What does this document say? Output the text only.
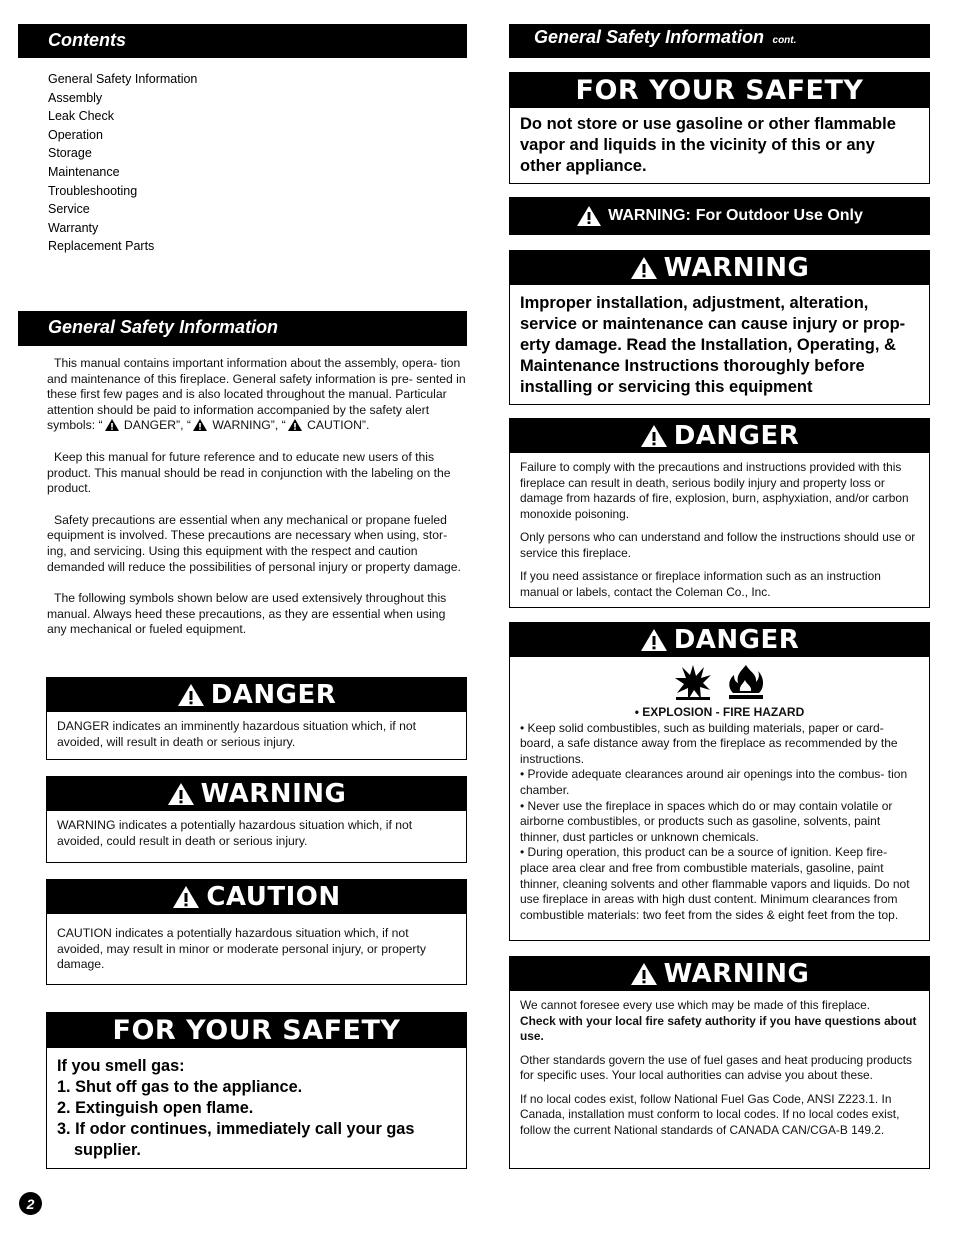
Contents
General Safety Information
Assembly
Leak Check
Operation
Storage
Maintenance
Troubleshooting
Service
Warranty
Replacement Parts
General Safety Information

This manual contains important information about the assembly, opera- tion and maintenance of this fireplace. General safety information is pre- sented in these first few pages and is also located throughout the manual. Particular attention should be paid to information accompanied by the safety alert symbols: “ DANGER”, “ WARNING”, “ CAUTION”.

Keep this manual for future reference and to educate new users of this product. This manual should be read in conjunction with the labeling on the product.

Safety precautions are essential when any mechanical or propane fueled equipment is involved. These precautions are necessary when using, stor- ing, and servicing. Using this equipment with the respect and caution demanded will reduce the possibilities of personal injury or property damage.

The following symbols shown below are used extensively throughout this manual. Always heed these precautions, as they are essential when using any mechanical or fueled equipment.

DANGER
DANGER indicates an imminently hazardous situation which, if not avoided, will result in death or serious injury.
WARNING
WARNING indicates a potentially hazardous situation which, if not avoided, could result in death or serious injury.
CAUTION
CAUTION indicates a potentially hazardous situation which, if not avoided, may result in minor or moderate personal injury, or property damage.
FOR YOUR SAFETY
If you smell gas:
1. Shut off gas to the appliance.
2. Extinguish open flame.
3. If odor continues, immediately call your gas
supplier.
2
General Safety Information cont.
FOR YOUR SAFETY
Do not store or use gasoline or other flammable vapor and liquids in the vicinity of this or any other appliance.
WARNING: For Outdoor Use Only
WARNING
Improper installation, adjustment, alteration, service or maintenance can cause injury or prop- erty damage. Read the Installation, Operating, & Maintenance Instructions thoroughly before installing or servicing this equipment
DANGER

Failure to comply with the precautions and instructions provided with this fireplace can result in death, serious bodily injury and property loss or damage from hazards of fire, explosion, burn, asphyxiation, and/or carbon monoxide poisoning.

Only persons who can understand and follow the instructions should use or service this fireplace.

If you need assistance or fireplace information such as an instruction manual or labels, contact the Coleman Co., Inc.

DANGER
• EXPLOSION - FIRE HAZARD

• Keep solid combustibles, such as building materials, paper or card- board, a safe distance away from the fireplace as recommended by the instructions.

• Provide adequate clearances around air openings into the combus- tion chamber.

• Never use the fireplace in spaces which do or may contain volatile or airborne combustibles, or products such as gasoline, solvents, paint thinner, dust particles or unknown chemicals.

• During operation, this product can be a source of ignition. Keep fire- place area clear and free from combustible materials, gasoline, paint thinner, cleaning solvents and other flammable vapors and liquids. Do not use fireplace in areas with high dust content. Minimum clearances from combustible materials: two feet from the sides & eight feet from the top.

WARNING

We cannot foresee every use which may be made of this fireplace.
Check with your local fire safety authority if you have questions about use.

Other standards govern the use of fuel gases and heat producing products for specific uses. Your local authorities can advise you about these.

If no local codes exist, follow National Fuel Gas Code, ANSI Z223.1. In Canada, installation must conform to local codes. If no local codes exist, follow the current National standards of CANADA CAN/CGA-B 149.2.
